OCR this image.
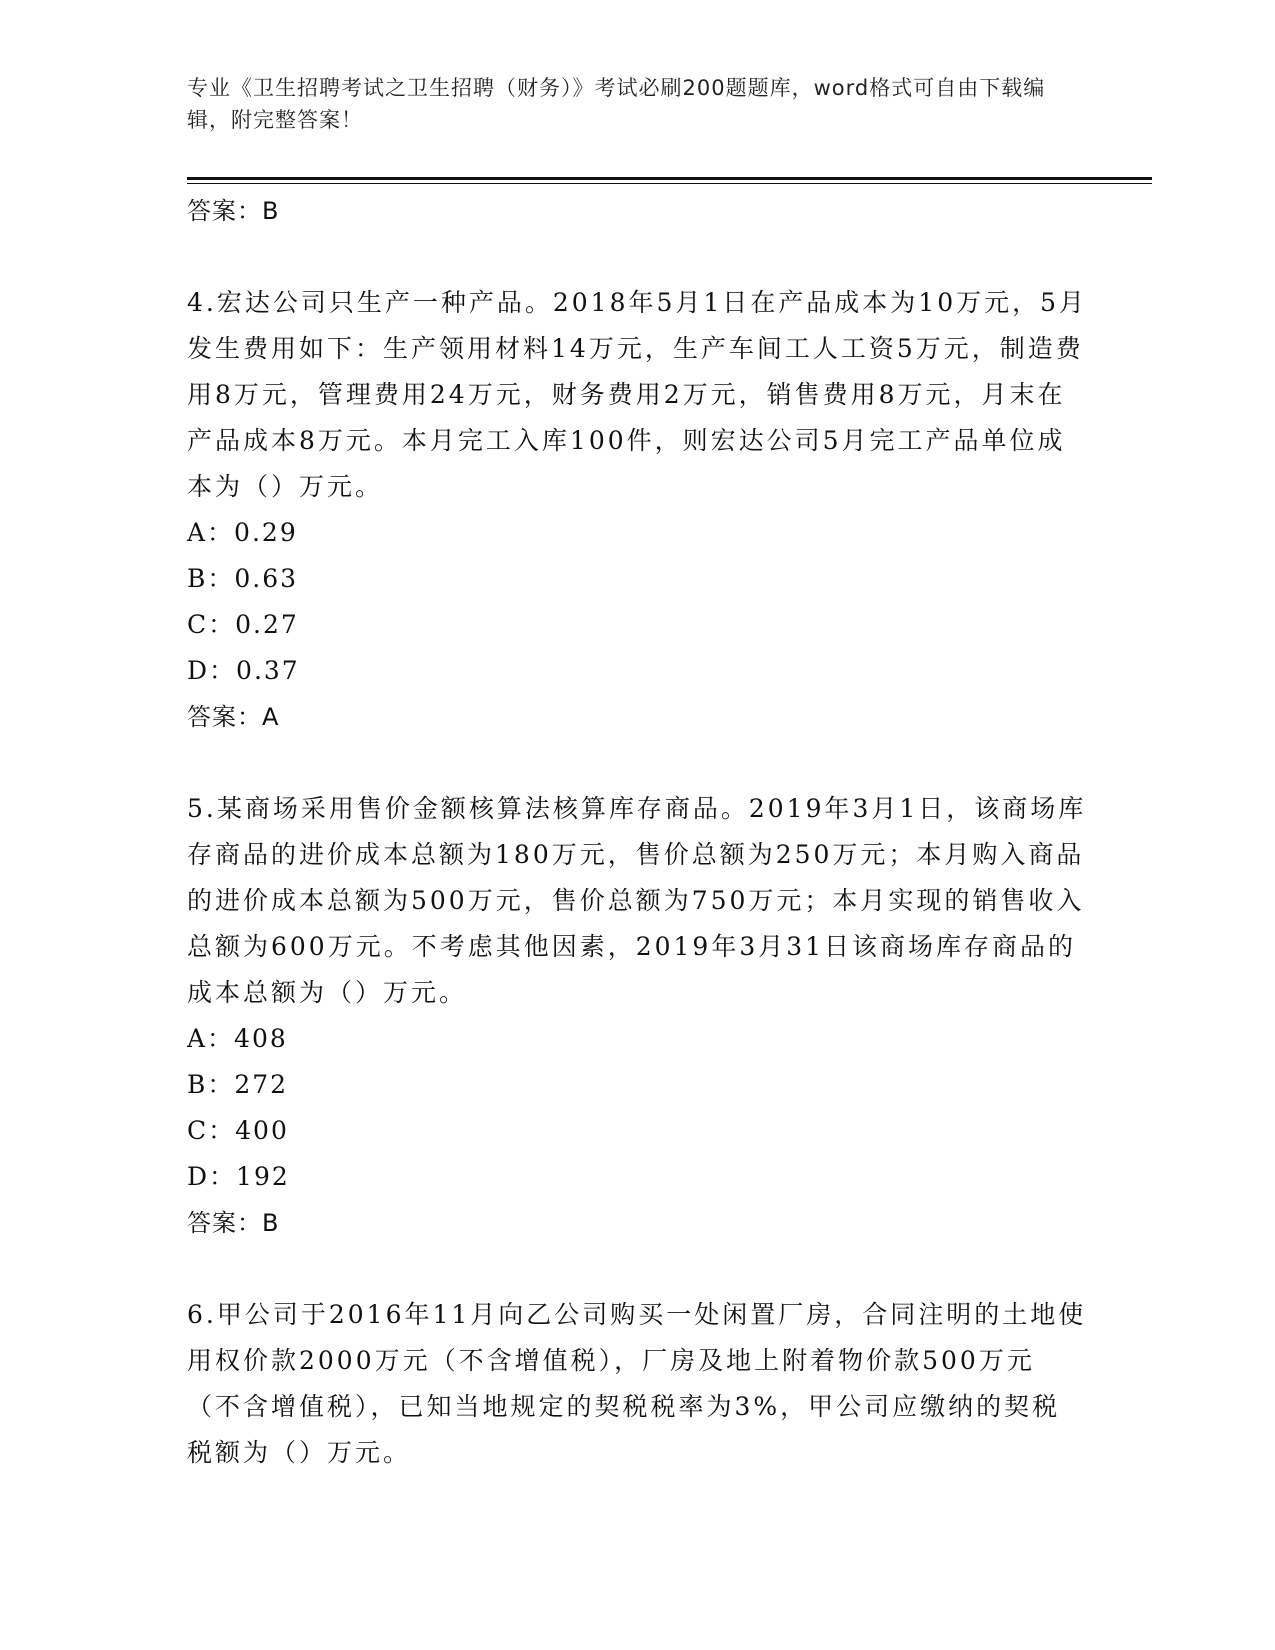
专业《卫生招聘考试之卫生招聘（财务）》考试必刷200题题库，word格式可自由下载编辑，附完整答案！
答案：B
4.宏达公司只生产一种产品。2018年5月1日在产品成本为10万元，5月发生费用如下：生产领用材料14万元，生产车间工人工资5万元，制造费用8万元，管理费用24万元，财务费用2万元，销售费用8万元，月末在产品成本8万元。本月完工入库100件，则宏达公司5月完工产品单位成本为（）万元。
A：0.29
B：0.63
C：0.27
D：0.37
答案：A
5.某商场采用售价金额核算法核算库存商品。2019年3月1日，该商场库存商品的进价成本总额为180万元，售价总额为250万元；本月购入商品的进价成本总额为500万元，售价总额为750万元；本月实现的销售收入总额为600万元。不考虑其他因素，2019年3月31日该商场库存商品的成本总额为（）万元。
A：408
B：272
C：400
D：192
答案：B
6.甲公司于2016年11月向乙公司购买一处闲置厂房，合同注明的土地使用权价款2000万元（不含增值税），厂房及地上附着物价款500万元（不含增值税），已知当地规定的契税税率为3%，甲公司应缴纳的契税税额为（）万元。
